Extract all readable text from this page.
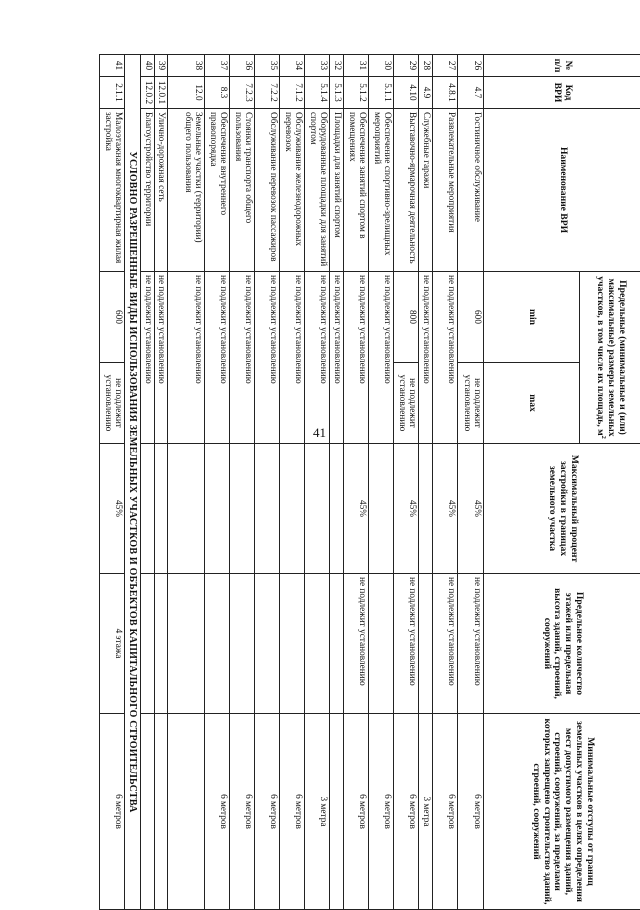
41
№ п/п	Код ВРИ	Наименование ВРИ	Предельные (минимальные и (или) максимальные) размеры земельных участков, в том числе их площадь, $м^2$		Максимальный процент застройки в границах земельного участка	Предельное количество этажей или предельная высота зданий, строений, сооружений	Минимальные отступы от границ земельных участков в целях определения мест допустимого размещения зданий, строений, сооружений, за пределами которых запрещено строительство зданий, строений, сооружений
			min	max			
26	4.7	Гостиничное обслуживание	600	не подлежит установлению	45%	не подлежит установлению	6 метров
27	4.8.1	Развлекательные мероприятия	не подлежит установлению		45%	не подлежит установлению	6 метров
28	4.9	Служебные гаражи	не подлежит установлению				3 метра
29	4.10	Выставочно-ярмарочная деятельность	800	не подлежит установлению	45%	не подлежит установлению	6 метров
30	5.1.1	Обеспечение спортивно-зрелищных мероприятий	не подлежит установлению				6 метров
31	5.1.2	Обеспечение занятий спортом в помещениях	не подлежит установлению		45%	не подлежит установлению	6 метров
32	5.1.3	Площадки для занятий спортом	не подлежит установлению				
33	5.1.4	Оборудованные площадки для занятий спортом	не подлежит установлению				3 метра
34	7.1.2	Обслуживание железнодорожных перевозок	не подлежит установлению				6 метров
35	7.2.2	Обслуживание перевозок пассажиров	не подлежит установлению				6 метров
36	7.2.3	Стоянки транспорта общего пользования	не подлежит установлению				6 метров
37	8.3	Обеспечение внутреннего правопорядка	не подлежит установлению				6 метров
38	12.0	Земельные участки (территории) общего пользования	не подлежит установлению				
39	12.0.1	Улично-дорожная сеть	не подлежит установлению				
40	12.0.2	Благоустройство территории	не подлежит установлению				
УСЛОВНО РАЗРЕШЕННЫЕ ВИДЫ ИСПОЛЬЗОВАНИЯ ЗЕМЕЛЬНЫХ УЧАСТКОВ И ОБЪЕКТОВ КАПИТАЛЬНОГО СТРОИТЕЛЬСТВА							
41	2.1.1	Малоэтажная многоквартирная жилая застройка	600	не подлежит установлению	45%	4 этажа	6 метров
